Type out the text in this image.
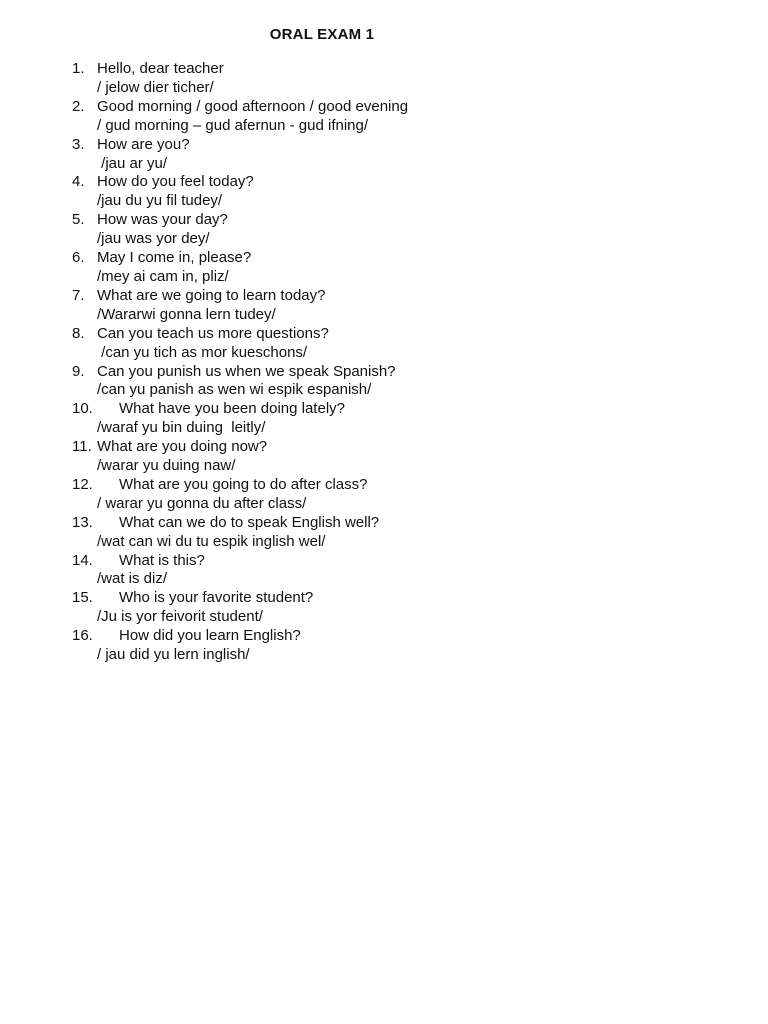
ORAL EXAM 1
1. Hello, dear teacher
/ jelow dier ticher/
2. Good morning / good afternoon / good evening
/ gud morning – gud afernun - gud ifning/
3. How are you?
/jau ar yu/
4. How do you feel today?
/jau du yu fil tudey/
5. How was your day?
/jau was yor dey/
6. May I come in, please?
/mey ai cam in, pliz/
7. What are we going to learn today?
/Wararwi gonna lern tudey/
8. Can you teach us more questions?
/can yu tich as mor kueschons/
9. Can you punish us when we speak Spanish?
/can yu panish as wen wi espik espanish/
10.	What have you been doing lately?
/waraf yu bin duing  leitly/
11. What are you doing now?
/warar yu duing naw/
12.	What are you going to do after class?
/ warar yu gonna du after class/
13.	What can we do to speak English well?
/wat can wi du tu espik inglish wel/
14.	What is this?
/wat is diz/
15.	Who is your favorite student?
/Ju is yor feivorit student/
16.	How did you learn English?
/ jau did yu lern inglish/
